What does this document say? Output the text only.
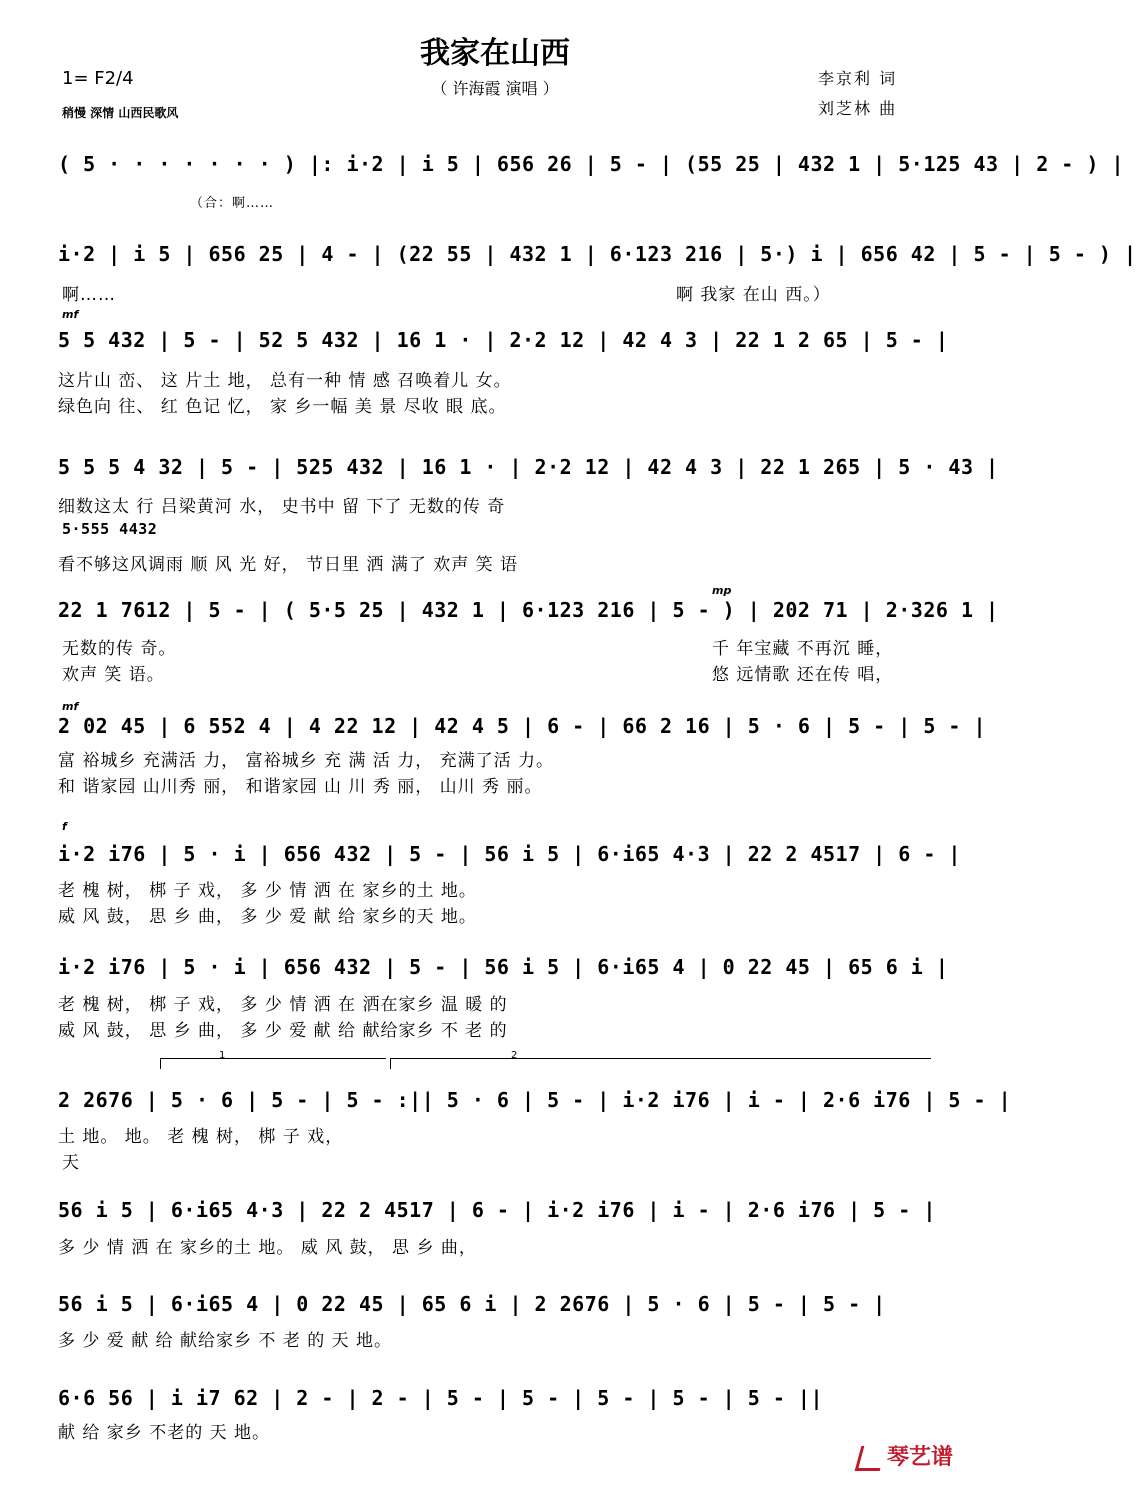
我家在山西
（ 许海霞 演唱 ）
1= F2/4
稍慢 深情 山西民歌风
李京利 词
刘芝林 曲
( 5 · · · · · · · ) |: i·2 | i 5 | 656 26 | 5 - | (55 25 | 432 1 | 5·125 43 | 2 - ) |
（合：啊……
i·2 | i 5 | 656 25 | 4 - | (22 55 | 432 1 | 6·123 216 | 5·) i | 656 42 | 5 - | 5 - ) |
啊……	啊 我家 在山 西。）
mf
5 5 432 | 5 - | 52 5 432 | 16 1 · | 2·2 12 | 42 4 3 | 22 1 2 65 | 5 - |
这片山 峦、 这 片土 地， 总有一种 情 感 召唤着儿 女。
绿色向 往、 红 色记 忆， 家 乡一幅 美 景 尽收 眼 底。
5 5 5 4 32 | 5 - | 525 432 | 16 1 · | 2·2 12 | 42 4 3 | 22 1 265 | 5 · 43 |
细数这太 行 吕梁黄河 水， 史书中 留 下了 无数的传 奇
5·555 4432
看不够这风调雨 顺 风 光 好， 节日里 洒 满了 欢声 笑 语
mp
22 1 7612 | 5 - | ( 5·5 25 | 432 1 | 6·123 216 | 5 - ) | 202 71 | 2·326 1 |
无数的传 奇。	千 年宝藏 不再沉 睡，
欢声 笑 语。	悠 远情歌 还在传 唱，
mf
2 02 45 | 6 552 4 | 4 22 12 | 42 4 5 | 6 - | 66 2 16 | 5 · 6 | 5 - | 5 - |
富 裕城乡 充满活 力， 富裕城乡 充 满 活 力， 充满了活 力。
和 谐家园 山川秀 丽， 和谐家园 山 川 秀 丽， 山川 秀 丽。
f
i·2 i76 | 5 · i | 656 432 | 5 - | 56 i 5 | 6·i65 4·3 | 22 2 4517 | 6 - |
老 槐 树， 梆 子 戏， 多 少 情 洒 在 家乡的土 地。
威 风 鼓， 思 乡 曲， 多 少 爱 献 给 家乡的天 地。
i·2 i76 | 5 · i | 656 432 | 5 - | 56 i 5 | 6·i65 4 | 0 22 45 | 65 6 i |
老 槐 树， 梆 子 戏， 多 少 情 洒 在 洒在家乡 温 暖 的
威 风 鼓， 思 乡 曲， 多 少 爱 献 给 献给家乡 不 老 的
1	2
2 2676 | 5 · 6 | 5 - | 5 - :|| 5 · 6 | 5 - | i·2 i76 | i - | 2·6 i76 | 5 - |
土 地。 地。 老 槐 树， 梆 子 戏，
天
56 i 5 | 6·i65 4·3 | 22 2 4517 | 6 - | i·2 i76 | i - | 2·6 i76 | 5 - |
多 少 情 洒 在 家乡的土 地。 威 风 鼓， 思 乡 曲，
56 i 5 | 6·i65 4 | 0 22 45 | 65 6 i | 2 2676 | 5 · 6 | 5 - | 5 - |
多 少 爱 献 给 献给家乡 不 老 的 天 地。
6·6 56 | i i7 62 | 2 - | 2 - | 5 - | 5 - | 5 - | 5 - | 5 - ||
献 给 家乡 不老的 天 地。
琴艺谱
